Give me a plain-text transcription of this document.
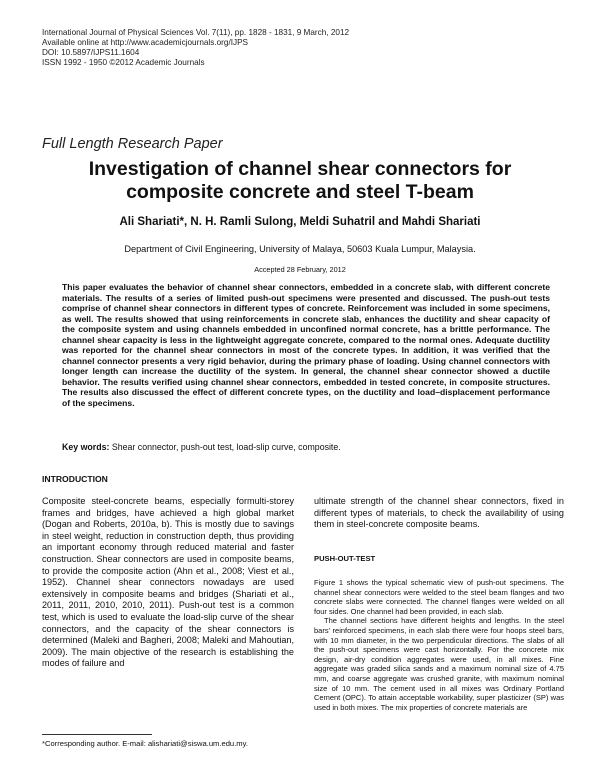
International Journal of Physical Sciences Vol. 7(11), pp. 1828 - 1831, 9 March, 2012
Available online at http://www.academicjournals.org/IJPS
DOI: 10.5897/IJPS11.1604
ISSN 1992 - 1950 ©2012 Academic Journals
Full Length Research Paper
Investigation of channel shear connectors for composite concrete and steel T-beam
Ali Shariati*, N. H. Ramli Sulong, Meldi Suhatril and Mahdi Shariati
Department of Civil Engineering, University of Malaya, 50603 Kuala Lumpur, Malaysia.
Accepted 28 February, 2012
This paper evaluates the behavior of channel shear connectors, embedded in a concrete slab, with different concrete materials. The results of a series of limited push-out specimens were presented and discussed. The push-out tests comprise of channel shear connectors in different types of concrete. Reinforcement was included in some specimens, as well. The results showed that using reinforcements in concrete slab, enhances the ductility and shear capacity of the composite system and using channels embedded in unconfined normal concrete, has a brittle performance. The channel shear capacity is less in the lightweight aggregate concrete, compared to the normal ones. Adequate ductility was reported for the channel shear connectors in most of the concrete types. In addition, it was verified that the channel connector presents a very rigid behavior, during the primary phase of loading. Using channel connectors with longer length can increase the ductility of the system. In general, the channel shear connector showed a ductile behavior. The results verified using channel shear connectors, embedded in tested concrete, in composite structures. The results also discussed the effect of different concrete types, on the ductility and load–displacement performance of the specimens.
Key words: Shear connector, push-out test, load-slip curve, composite.
INTRODUCTION
Composite steel-concrete beams, especially formulti-storey frames and bridges, have achieved a high global market (Dogan and Roberts, 2010a, b). This is mostly due to savings in steel weight, reduction in construction depth, thus providing an important economy through reduced material and faster construction. Shear connectors are used in composite beams, to provide the composite action (Ahn et al., 2008; Viest et al., 1952). Channel shear connectors nowadays are used extensively in composite beams and bridges (Shariati et al., 2011, 2011, 2010, 2010, 2011). Push-out test is a common test, which is used to evaluate the load-slip curve of the shear connectors, and the capacity of the shear connectors is determined (Maleki and Bagheri, 2008; Maleki and Mahoutian, 2009). The main objective of the research is establishing the modes of failure and
*Corresponding author. E-mail: alishariati@siswa.um.edu.my.
ultimate strength of the channel shear connectors, fixed in different types of materials, to check the availability of using them in steel-concrete composite beams.
PUSH-OUT-TEST

Figure 1 shows the typical schematic view of push-out specimens. The channel shear connectors were welded to the steel beam flanges and two concrete slabs were connected. The channel flanges were welded on all four sides. One channel had been provided, in each slab.

The channel sections have different heights and lengths. In the steel bars' reinforced specimens, in each slab there were four hoops steel bars, with 10 mm diameter, in the two perpendicular directions. The slabs of all the push-out specimens were cast horizontally. For the concrete mix design, air-dry condition aggregates were used, in all mixes. Fine aggregate was graded silica sands and a maximum nominal size of 4.75 mm, and coarse aggregate was crushed granite, with maximum nominal size of 10 mm. The cement used in all mixes was Ordinary Portland Cement (OPC). To attain acceptable workability, super plasticizer (SP) was used in both mixes. The mix properties of concrete materials are
